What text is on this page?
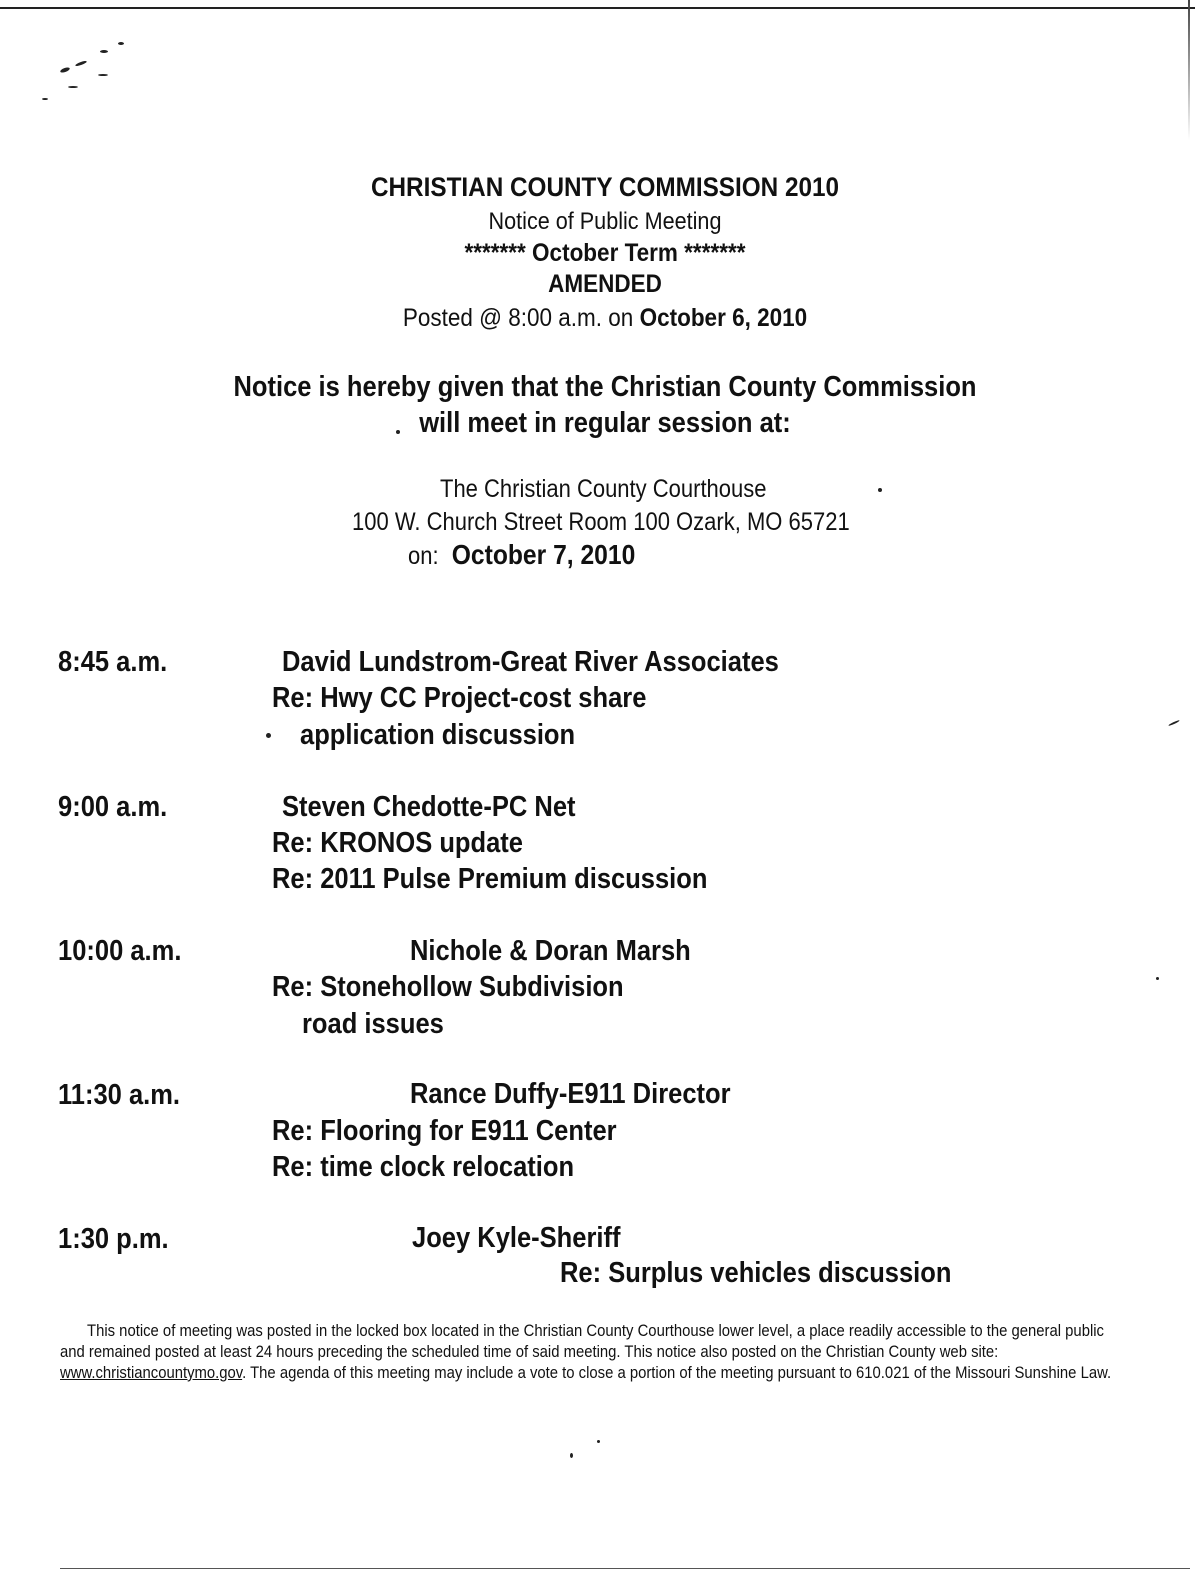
CHRISTIAN COUNTY COMMISSION 2010
Notice of Public Meeting
******* October Term *******
AMENDED
Posted @ 8:00 a.m. on October 6, 2010
Notice is hereby given that the Christian County Commission
will meet in regular session at:
The Christian County Courthouse
100 W. Church Street Room 100 Ozark, MO 65721
on: October 7, 2010
8:45 a.m.	David Lundstrom-Great River Associates
Re: Hwy CC Project-cost share
application discussion
9:00 a.m.	Steven Chedotte-PC Net
Re: KRONOS update
Re: 2011 Pulse Premium discussion
10:00 a.m.	Nichole & Doran Marsh
Re: Stonehollow Subdivision
road issues
11:30 a.m.	Rance Duffy-E911 Director
Re: Flooring for E911 Center
Re: time clock relocation
1:30 p.m.	Joey Kyle-Sheriff
Re: Surplus vehicles discussion
This notice of meeting was posted in the locked box located in the Christian County Courthouse lower level, a place readily accessible to the general public and remained posted at least 24 hours preceding the scheduled time of said meeting. This notice also posted on the Christian County web site: www.christiancountymo.gov. The agenda of this meeting may include a vote to close a portion of the meeting pursuant to 610.021 of the Missouri Sunshine Law.
